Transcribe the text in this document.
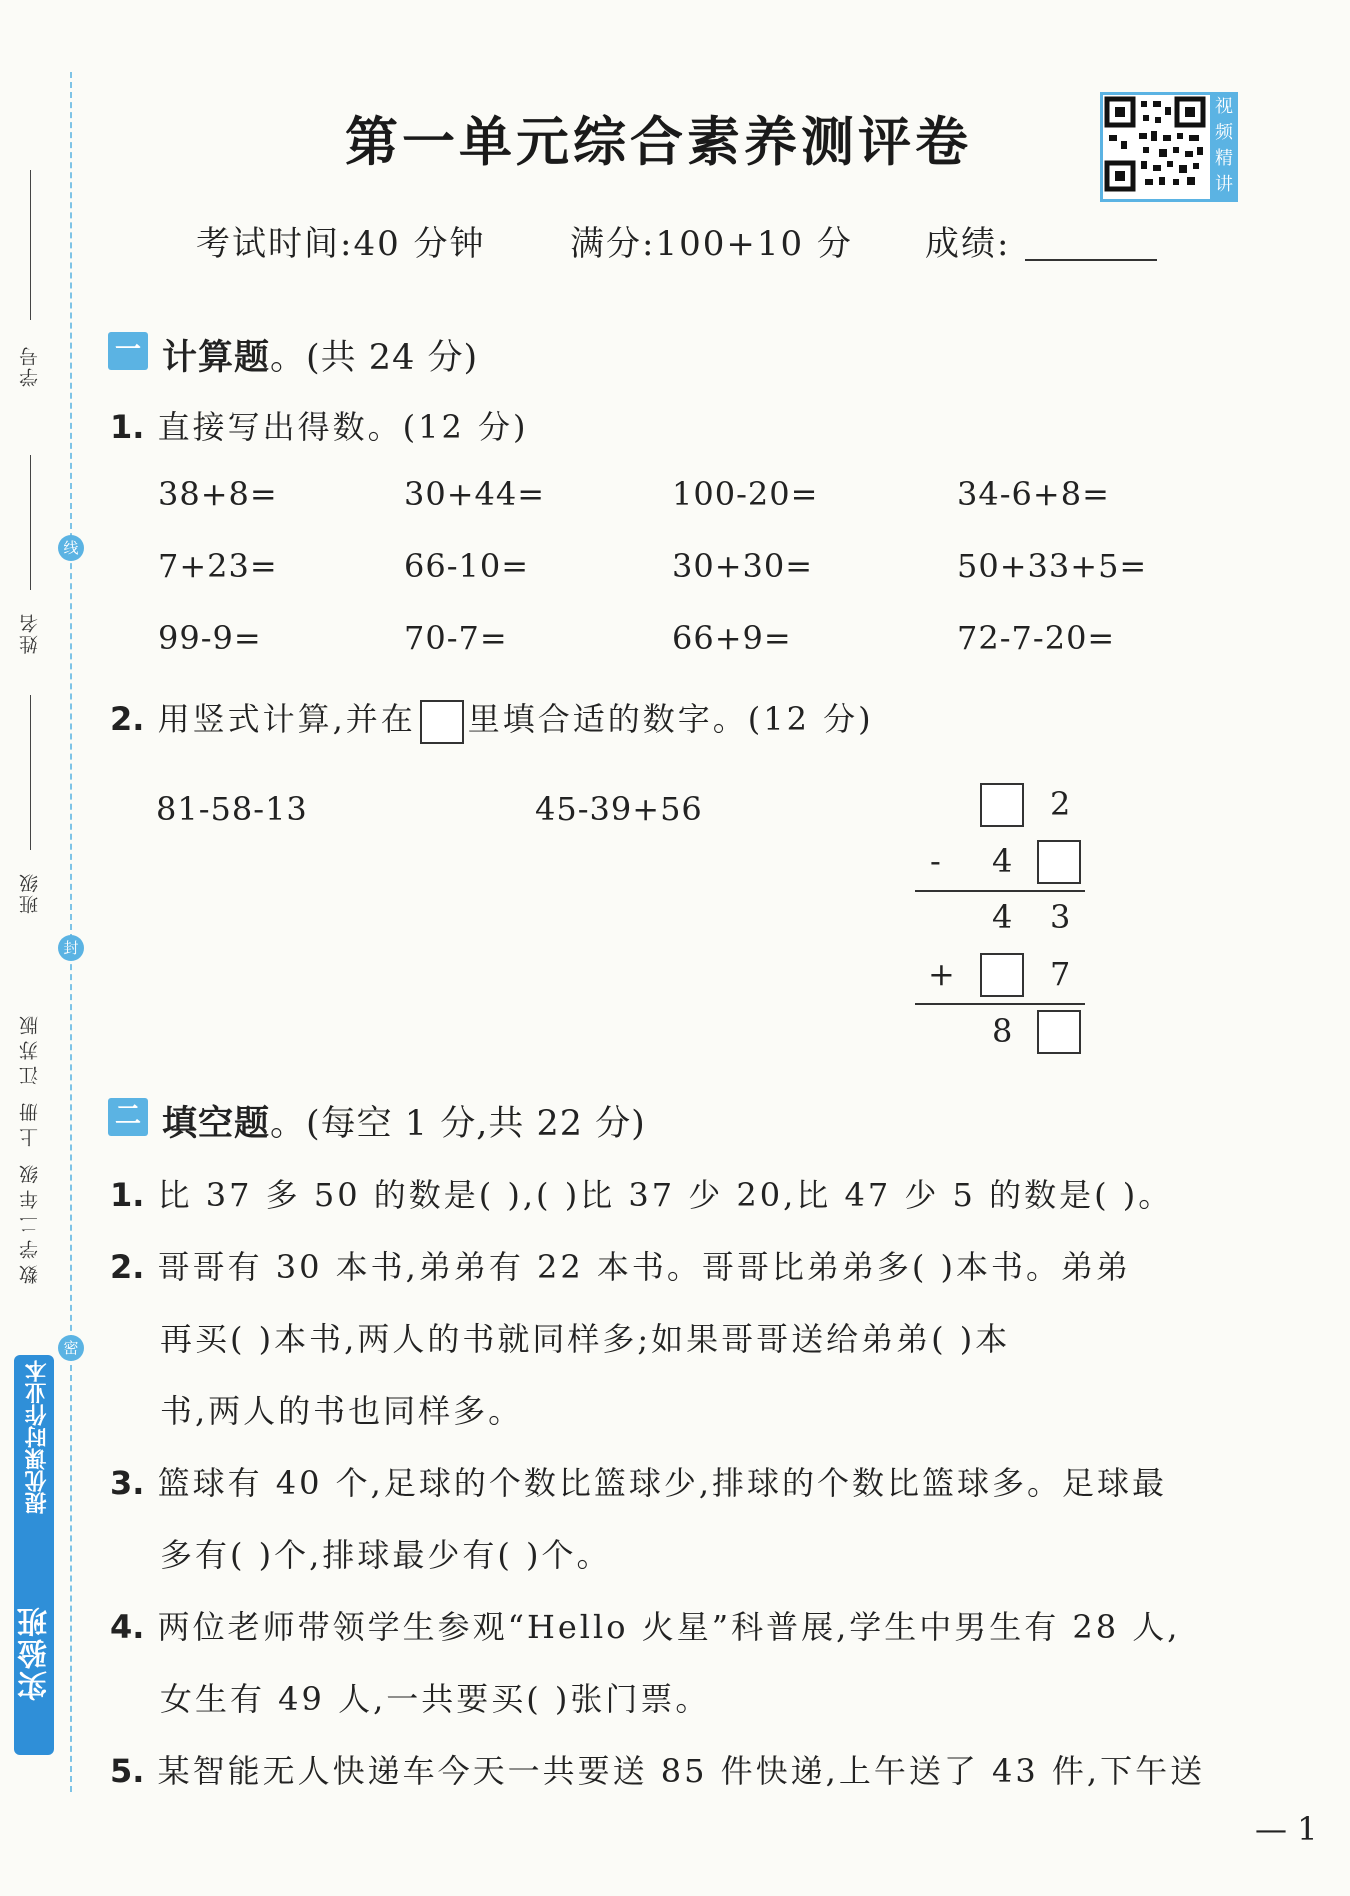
线
封
密
学号
姓名
班级
数学二年级 上册 江苏版
实验班
提优课时作业本
第一单元综合素养测评卷
视
频
精
讲
考试时间:40 分钟 满分:100+10 分 成绩:
一 计算题。(共 24 分)
1. 直接写出得数。(12 分)
38+8=	30+44=	100-20=	34-6+8=
7+23=	66-10=	30+30=	50+33+5=
99-9=	70-7=	66+9=	72-7-20=
2. 用竖式计算,并在 里填合适的数字。(12 分)
81-58-13	45-39+56	2
- 4
4 3
+	7
8
二 填空题。(每空 1 分,共 22 分)
1. 比 37 多 50 的数是( ),( )比 37 少 20,比 47 少 5 的数是( )。
2. 哥哥有 30 本书,弟弟有 22 本书。哥哥比弟弟多( )本书。弟弟
再买( )本书,两人的书就同样多;如果哥哥送给弟弟( )本
书,两人的书也同样多。
3. 篮球有 40 个,足球的个数比篮球少,排球的个数比篮球多。足球最
多有( )个,排球最少有( )个。
4. 两位老师带领学生参观“Hello 火星”科普展,学生中男生有 28 人,
女生有 49 人,一共要买( )张门票。
5. 某智能无人快递车今天一共要送 85 件快递,上午送了 43 件,下午送
— 1
